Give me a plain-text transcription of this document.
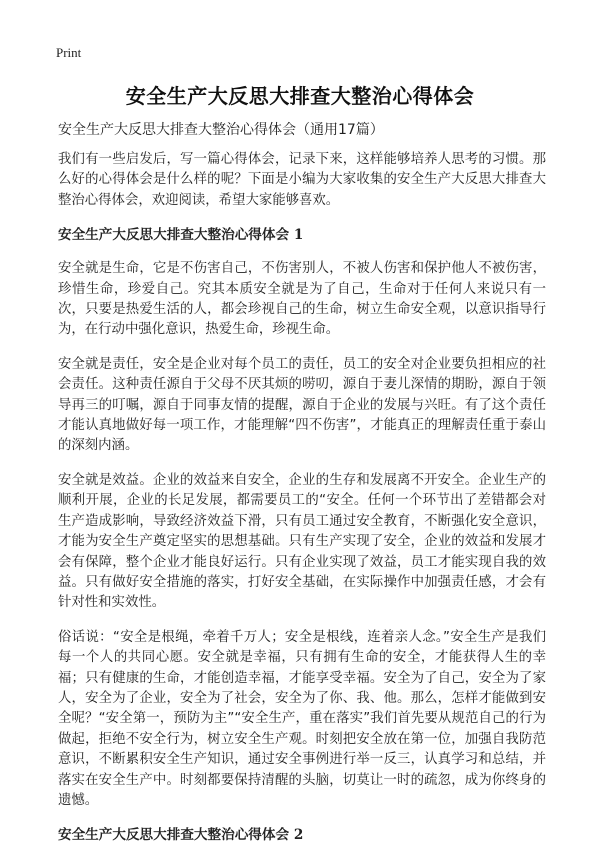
Print
安全生产大反思大排查大整治心得体会
安全生产大反思大排查大整治心得体会（通用17篇）

我们有一些启发后，写一篇心得体会，记录下来，这样能够培养人思考的习惯。那么好的心得体会是什么样的呢？下面是小编为大家收集的安全生产大反思大排查大整治心得体会，欢迎阅读，希望大家能够喜欢。

安全生产大反思大排查大整治心得体会 1

安全就是生命，它是不伤害自己，不伤害别人，不被人伤害和保护他人不被伤害，珍惜生命，珍爱自己。究其本质安全就是为了自己，生命对于任何人来说只有一次，只要是热爱生活的人，都会珍视自己的生命，树立生命安全观，以意识指导行为，在行动中强化意识，热爱生命，珍视生命。

安全就是责任，安全是企业对每个员工的责任，员工的安全对企业要负担相应的社会责任。这种责任源自于父母不厌其烦的唠叨，源自于妻儿深情的期盼，源自于领导再三的叮嘱，源自于同事友情的提醒，源自于企业的发展与兴旺。有了这个责任才能认真地做好每一项工作，才能理解“四不伤害”，才能真正的理解责任重于泰山的深刻内涵。

安全就是效益。企业的效益来自安全，企业的生存和发展离不开安全。企业生产的顺利开展，企业的长足发展，都需要员工的“安全。任何一个环节出了差错都会对生产造成影响，导致经济效益下滑，只有员工通过安全教育，不断强化安全意识，才能为安全生产奠定坚实的思想基础。只有生产实现了安全，企业的效益和发展才会有保障，整个企业才能良好运行。只有企业实现了效益，员工才能实现自我的效益。只有做好安全措施的落实，打好安全基础，在实际操作中加强责任感，才会有针对性和实效性。

俗话说：“安全是根绳，牵着千万人；安全是根线，连着亲人念。”安全生产是我们每一个人的共同心愿。安全就是幸福，只有拥有生命的安全，才能获得人生的幸福；只有健康的生命，才能创造幸福，才能享受幸福。安全为了自己，安全为了家人，安全为了企业，安全为了社会，安全为了你、我、他。那么，怎样才能做到安全呢？“安全第一，预防为主”“安全生产，重在落实”我们首先要从规范自己的行为做起，拒绝不安全行为，树立安全生产观。时刻把安全放在第一位，加强自我防范意识，不断累积安全生产知识，通过安全事例进行举一反三，认真学习和总结，并落实在安全生产中。时刻都要保持清醒的头脑，切莫让一时的疏忽，成为你终身的遗憾。

安全生产大反思大排查大整治心得体会 2
